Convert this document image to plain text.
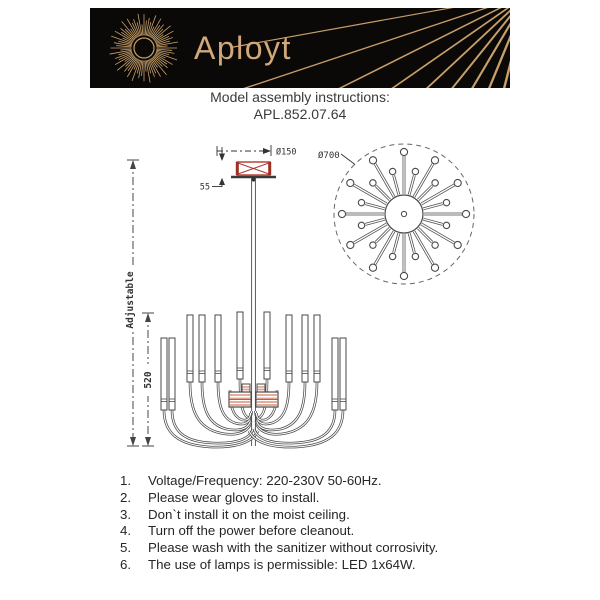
Aployt
Model assembly instructions:
APL.852.07.64
Ø150
55
Adjustable
520
Ø700
1.	Voltage/Frequency: 220-230V 50-60Hz.
2.	Please wear gloves to install.
3.	Don`t install it on the moist ceiling.
4.	Turn off the power before cleanout.
5.	Please wash with the sanitizer without corrosivity.
6.	The use of lamps is permissible: LED 1x64W.
